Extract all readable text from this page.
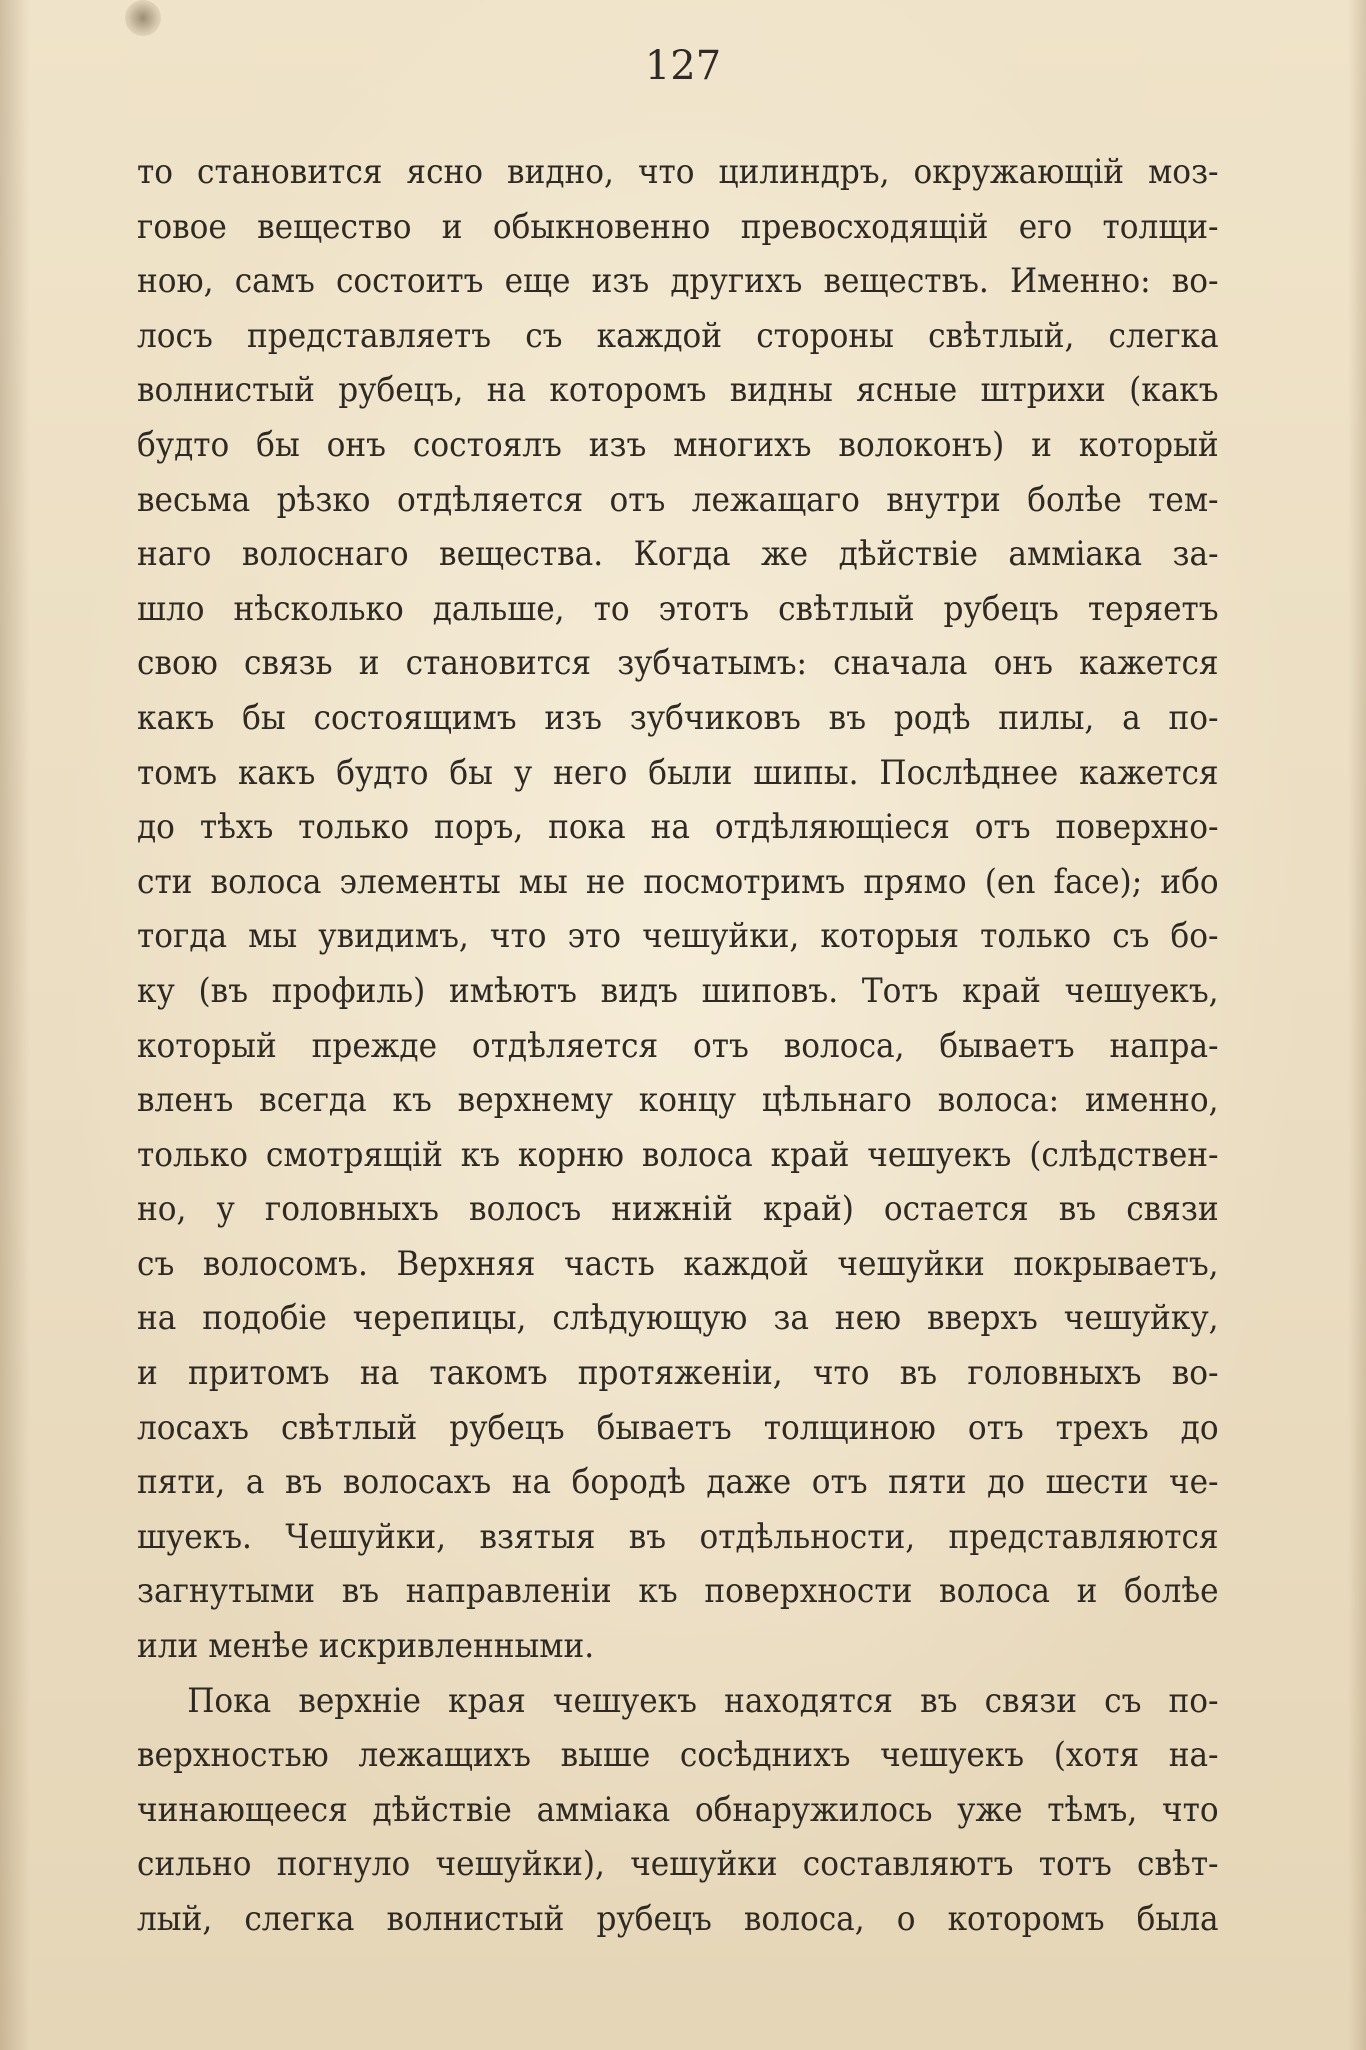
127
то становится ясно видно, что цилиндръ, окружающій моз-
говое вещество и обыкновенно превосходящій его толщи-
ною, самъ состоитъ еще изъ другихъ веществъ. Именно: во-
лосъ представляетъ съ каждой стороны свѣтлый, слегка
волнистый рубецъ, на которомъ видны ясные штрихи (какъ
будто бы онъ состоялъ изъ многихъ волоконъ) и который
весьма рѣзко отдѣляется отъ лежащаго внутри болѣе тем-
наго волоснаго вещества. Когда же дѣйствіе амміака за-
шло нѣсколько дальше, то этотъ свѣтлый рубецъ теряетъ
свою связь и становится зубчатымъ: сначала онъ кажется
какъ бы состоящимъ изъ зубчиковъ въ родѣ пилы, а по-
томъ какъ будто бы у него были шипы. Послѣднее кажется
до тѣхъ только поръ, пока на отдѣляющіеся отъ поверхно-
сти волоса элементы мы не посмотримъ прямо (en face); ибо
тогда мы увидимъ, что это чешуйки, которыя только съ бо-
ку (въ профиль) имѣютъ видъ шиповъ. Тотъ край чешуекъ,
который прежде отдѣляется отъ волоса, бываетъ напра-
вленъ всегда къ верхнему концу цѣльнаго волоса: именно,
только смотрящій къ корню волоса край чешуекъ (слѣдствен-
но, у головныхъ волосъ нижній край) остается въ связи
съ волосомъ. Верхняя часть каждой чешуйки покрываетъ,
на подобіе черепицы, слѣдующую за нею вверхъ чешуйку,
и притомъ на такомъ протяженіи, что въ головныхъ во-
лосахъ свѣтлый рубецъ бываетъ толщиною отъ трехъ до
пяти, а въ волосахъ на бородѣ даже отъ пяти до шести че-
шуекъ. Чешуйки, взятыя въ отдѣльности, представляются
загнутыми въ направленіи къ поверхности волоса и болѣе
или менѣе искривленными.
Пока верхніе края чешуекъ находятся въ связи съ по-
верхностью лежащихъ выше сосѣднихъ чешуекъ (хотя на-
чинающееся дѣйствіе амміака обнаружилось уже тѣмъ, что
сильно погнуло чешуйки), чешуйки составляютъ тотъ свѣт-
лый, слегка волнистый рубецъ волоса, о которомъ была
